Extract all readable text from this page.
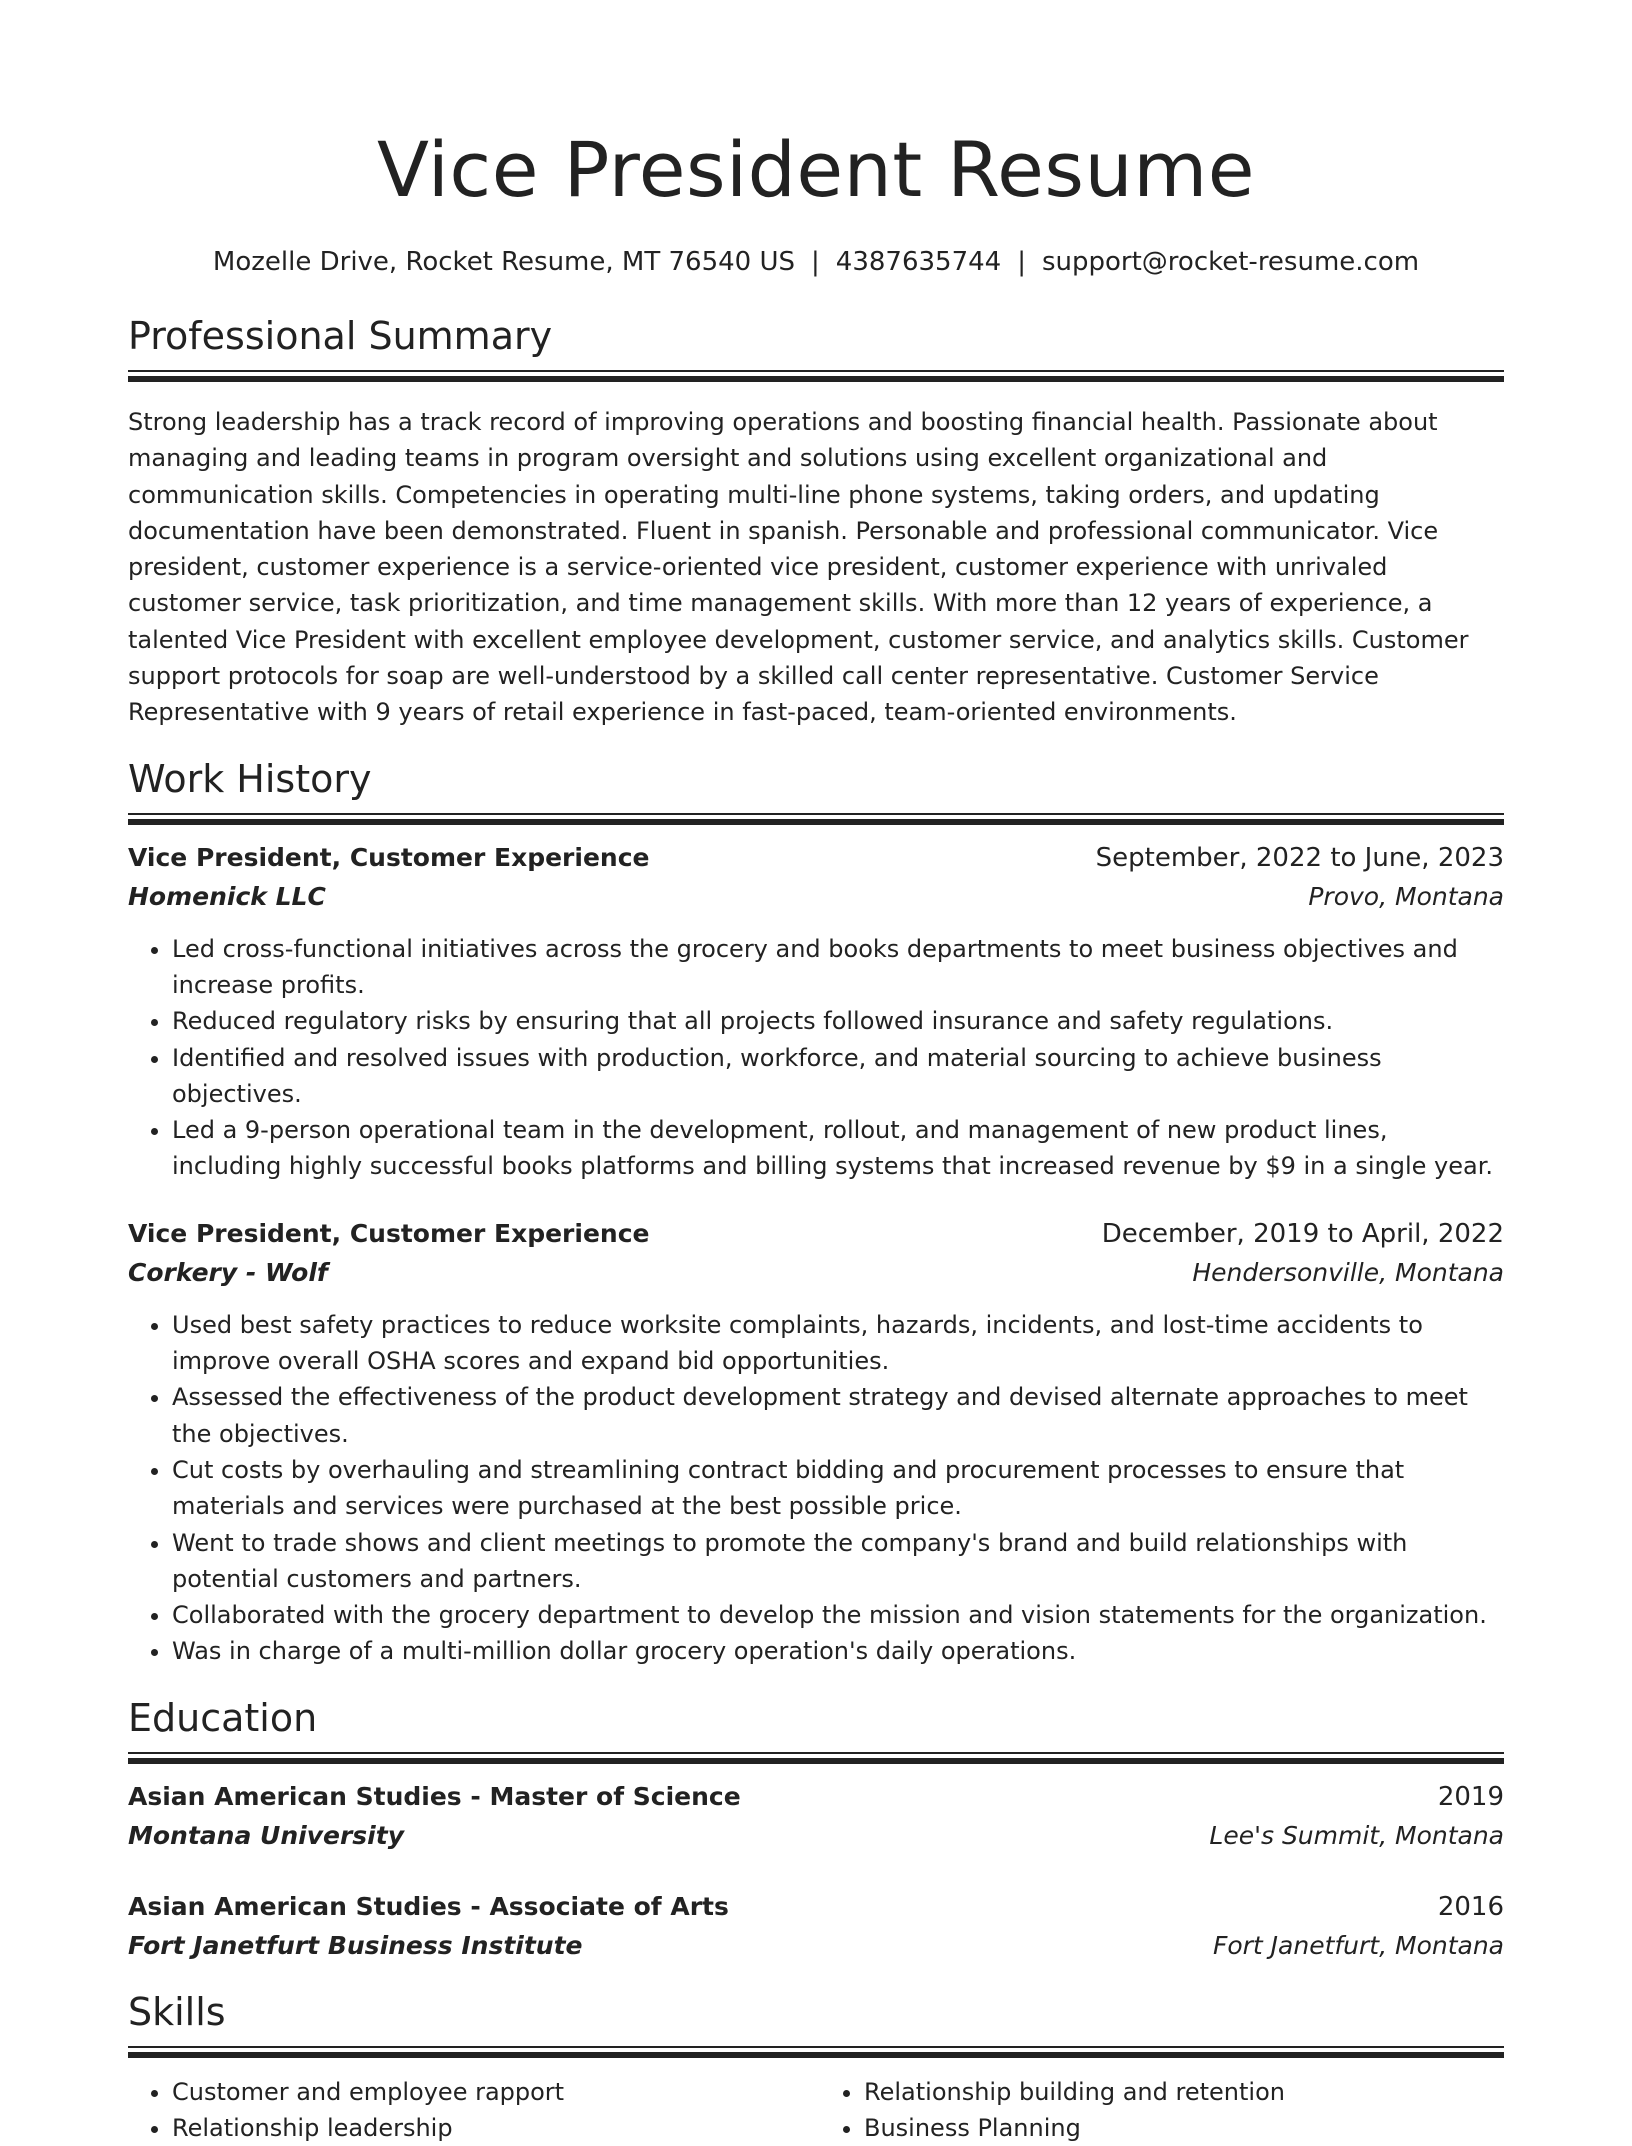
Vice President Resume
Mozelle Drive, Rocket Resume, MT 76540 US | 4387635744 | support@rocket-resume.com
Professional Summary

Strong leadership has a track record of improving operations and boosting financial health. Passionate about managing and leading teams in program oversight and solutions using excellent organizational and communication skills. Competencies in operating multi-line phone systems, taking orders, and updating documentation have been demonstrated. Fluent in spanish. Personable and professional communicator. Vice president, customer experience is a service-oriented vice president, customer experience with unrivaled customer service, task prioritization, and time management skills. With more than 12 years of experience, a talented Vice President with excellent employee development, customer service, and analytics skills. Customer support protocols for soap are well-understood by a skilled call center representative. Customer Service Representative with 9 years of retail experience in fast-paced, team-oriented environments.

Work History
Vice President, Customer Experience	September, 2022 to June, 2023
Homenick LLC	Provo, Montana
• Led cross-functional initiatives across the grocery and books departments to meet business objectives and increase profits.
• Reduced regulatory risks by ensuring that all projects followed insurance and safety regulations.
• Identified and resolved issues with production, workforce, and material sourcing to achieve business objectives.
• Led a 9-person operational team in the development, rollout, and management of new product lines, including highly successful books platforms and billing systems that increased revenue by $9 in a single year.
Vice President, Customer Experience	December, 2019 to April, 2022
Corkery - Wolf	Hendersonville, Montana
• Used best safety practices to reduce worksite complaints, hazards, incidents, and lost-time accidents to improve overall OSHA scores and expand bid opportunities.
• Assessed the effectiveness of the product development strategy and devised alternate approaches to meet the objectives.
• Cut costs by overhauling and streamlining contract bidding and procurement processes to ensure that materials and services were purchased at the best possible price.
• Went to trade shows and client meetings to promote the company's brand and build relationships with potential customers and partners.
• Collaborated with the grocery department to develop the mission and vision statements for the organization.
• Was in charge of a multi-million dollar grocery operation's daily operations.
Education
Asian American Studies - Master of Science	2019
Montana University	Lee's Summit, Montana
Asian American Studies - Associate of Arts	2016
Fort Janetfurt Business Institute	Fort Janetfurt, Montana
Skills
• Customer and employee rapport
• Relationship leadership
• Relationship building and retention
• Business Planning
